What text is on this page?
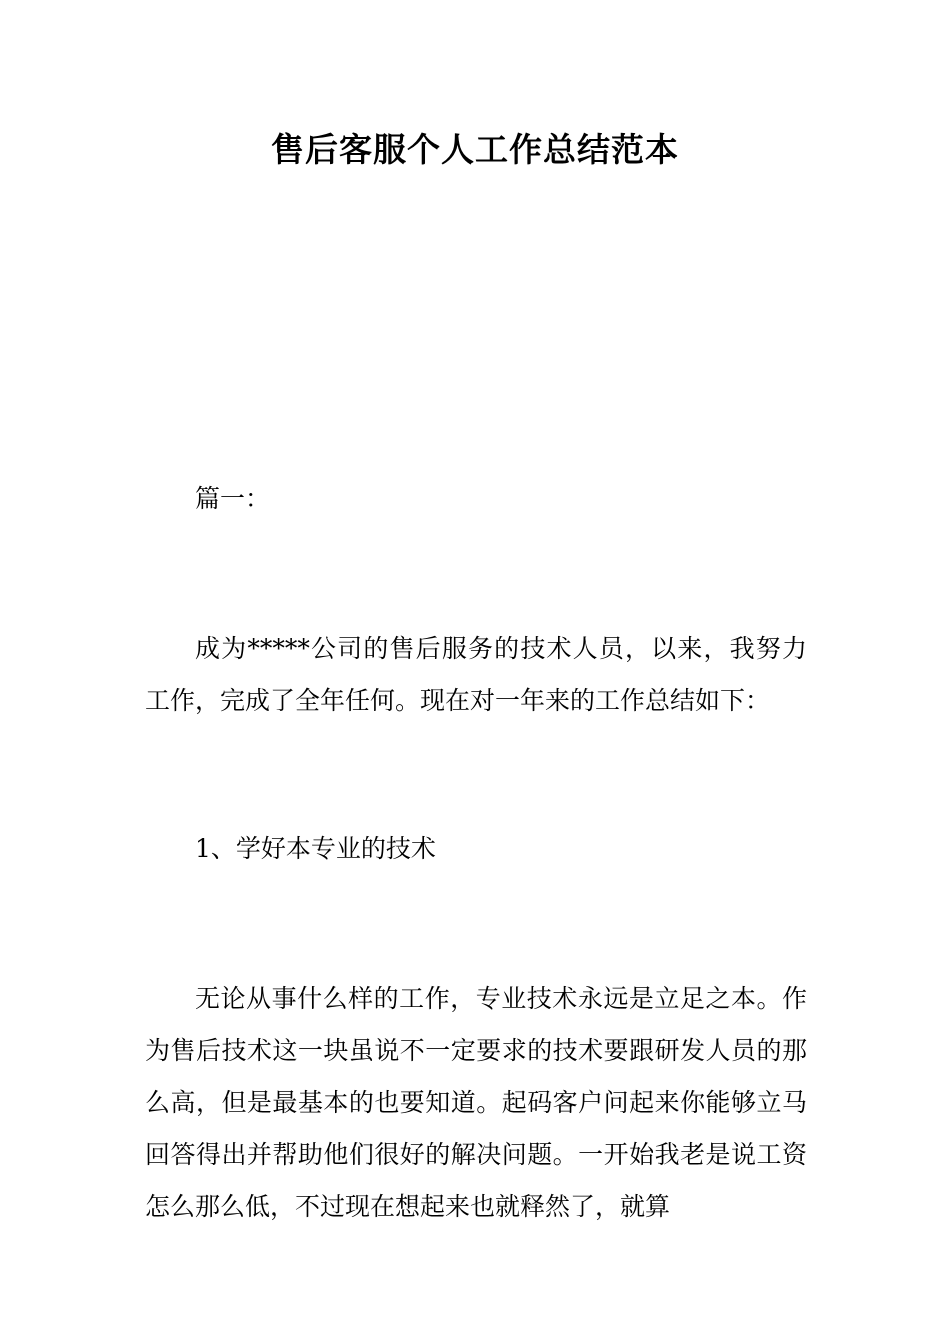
售后客服个人工作总结范本

篇一：

成为*****公司的售后服务的技术人员，以来，我努力工作，完成了全年任何。现在对一年来的工作总结如下：

1、学好本专业的技术

无论从事什么样的工作，专业技术永远是立足之本。作为售后技术这一块虽说不一定要求的技术要跟研发人员的那么高，但是最基本的也要知道。起码客户问起来你能够立马回答得出并帮助他们很好的解决问题。一开始我老是说工资怎么那么低，不过现在想起来也就释然了，就算
